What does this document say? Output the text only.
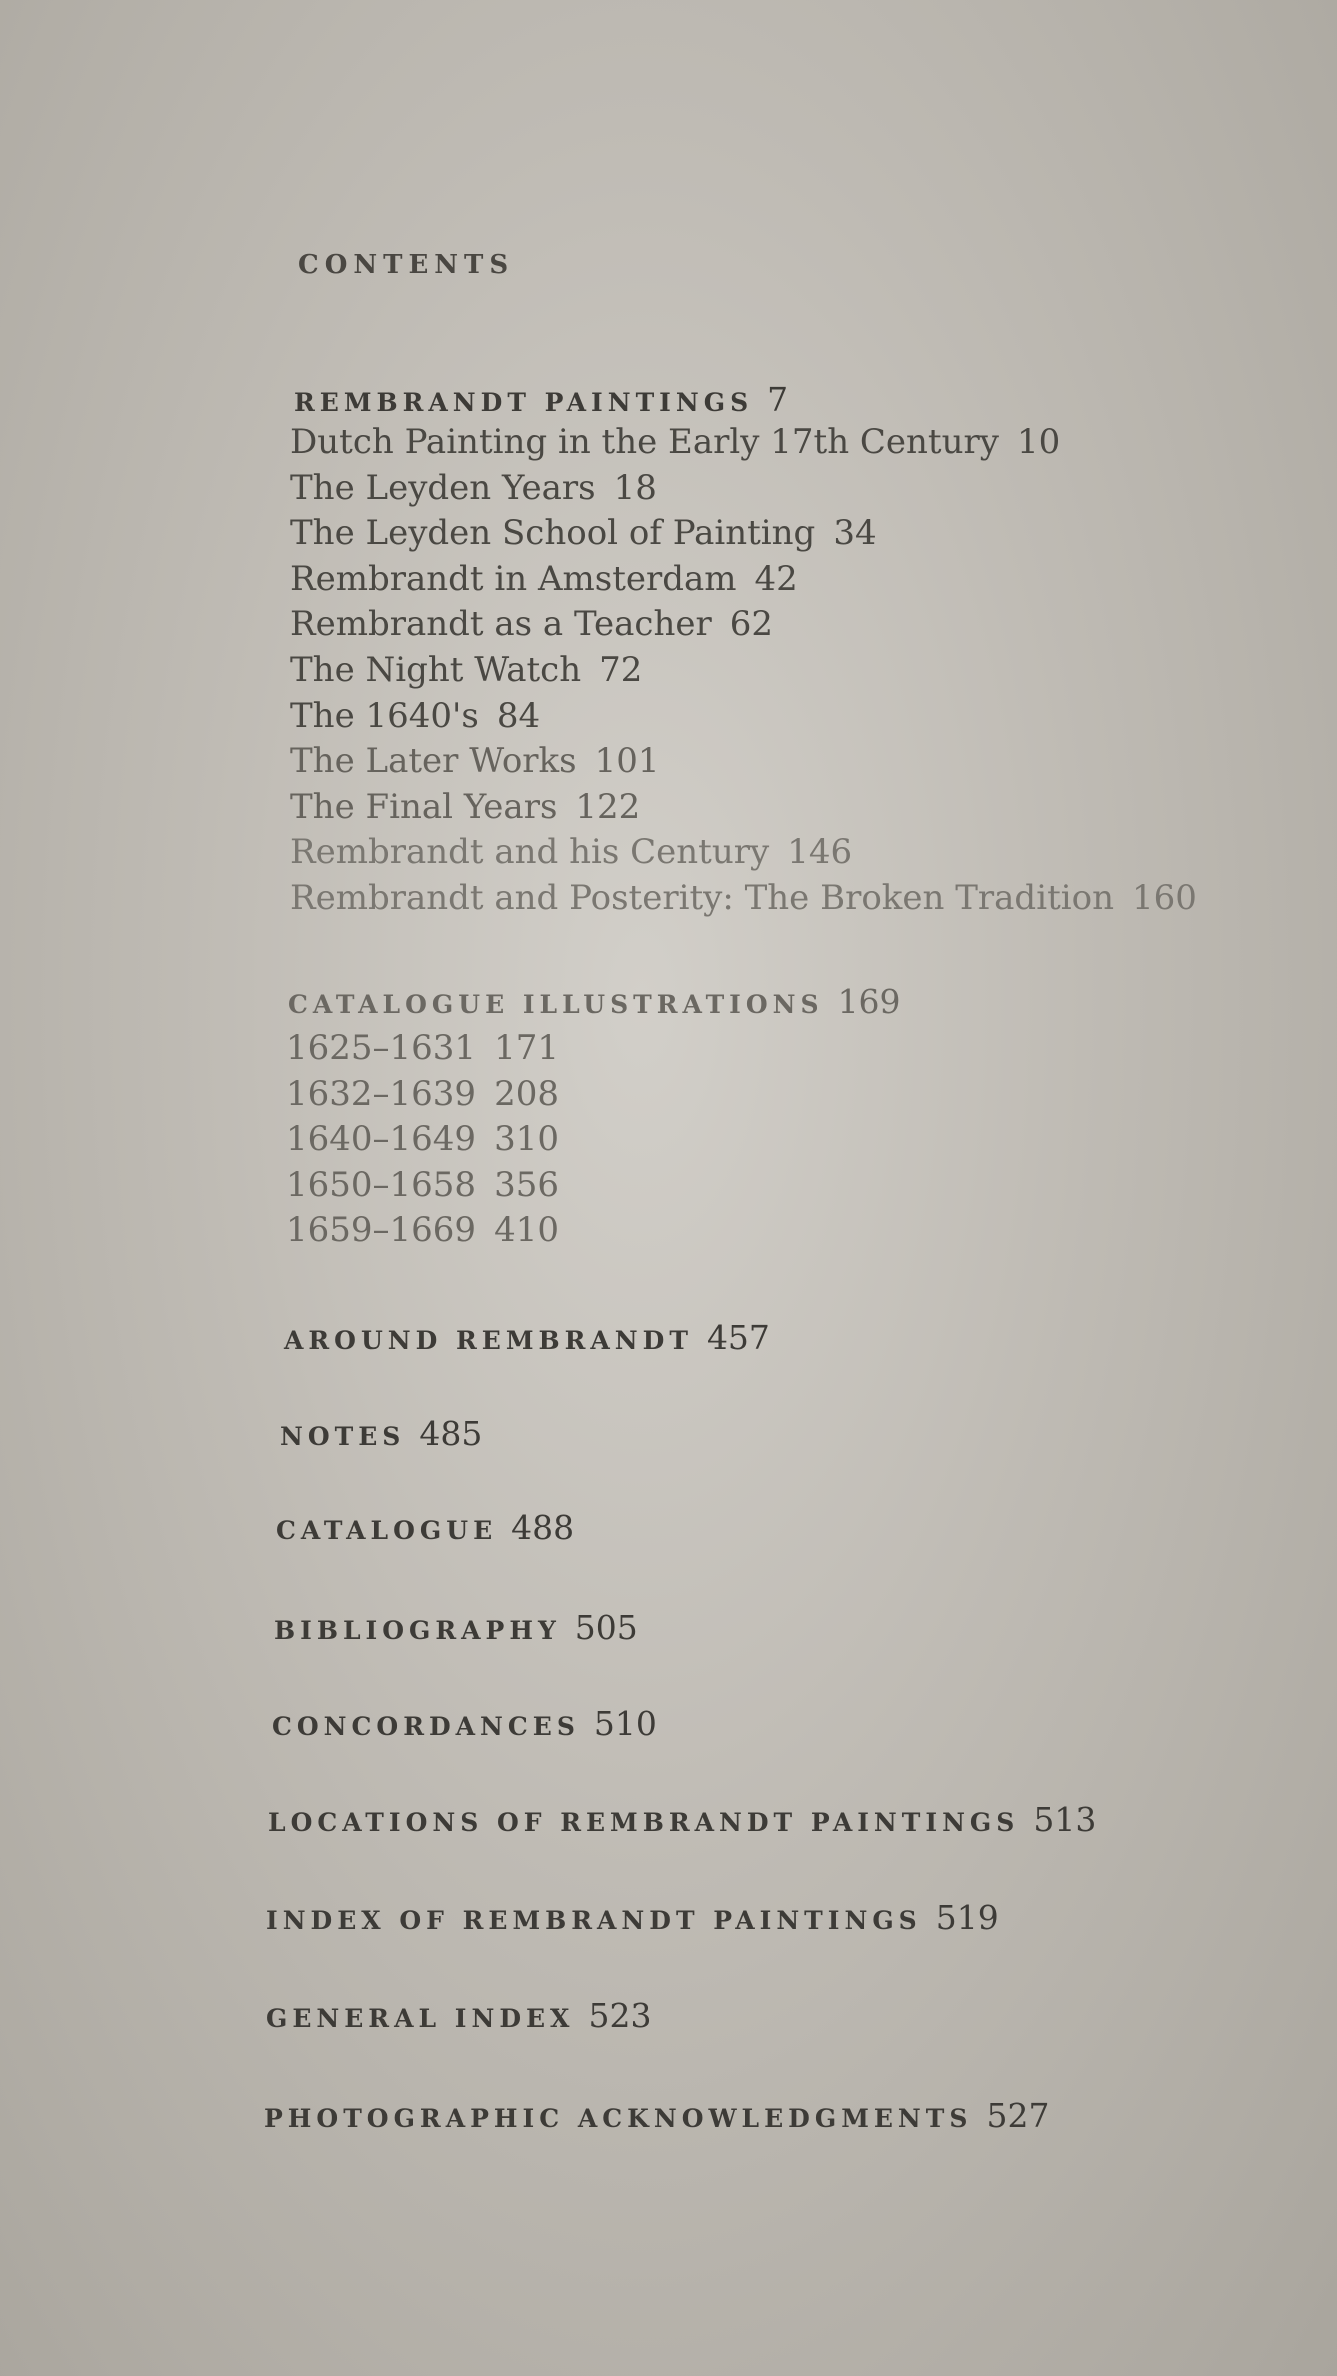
CONTENTS
REMBRANDT PAINTINGS 7
Dutch Painting in the Early 17th Century 10
The Leyden Years 18
The Leyden School of Painting 34
Rembrandt in Amsterdam 42
Rembrandt as a Teacher 62
The Night Watch 72
The 1640's 84
The Later Works 101
The Final Years 122
Rembrandt and his Century 146
Rembrandt and Posterity: The Broken Tradition 160
CATALOGUE ILLUSTRATIONS 169
1625–1631 171
1632–1639 208
1640–1649 310
1650–1658 356
1659–1669 410
AROUND REMBRANDT 457
NOTES 485
CATALOGUE 488
BIBLIOGRAPHY 505
CONCORDANCES 510
LOCATIONS OF REMBRANDT PAINTINGS 513
INDEX OF REMBRANDT PAINTINGS 519
GENERAL INDEX 523
PHOTOGRAPHIC ACKNOWLEDGMENTS 527
